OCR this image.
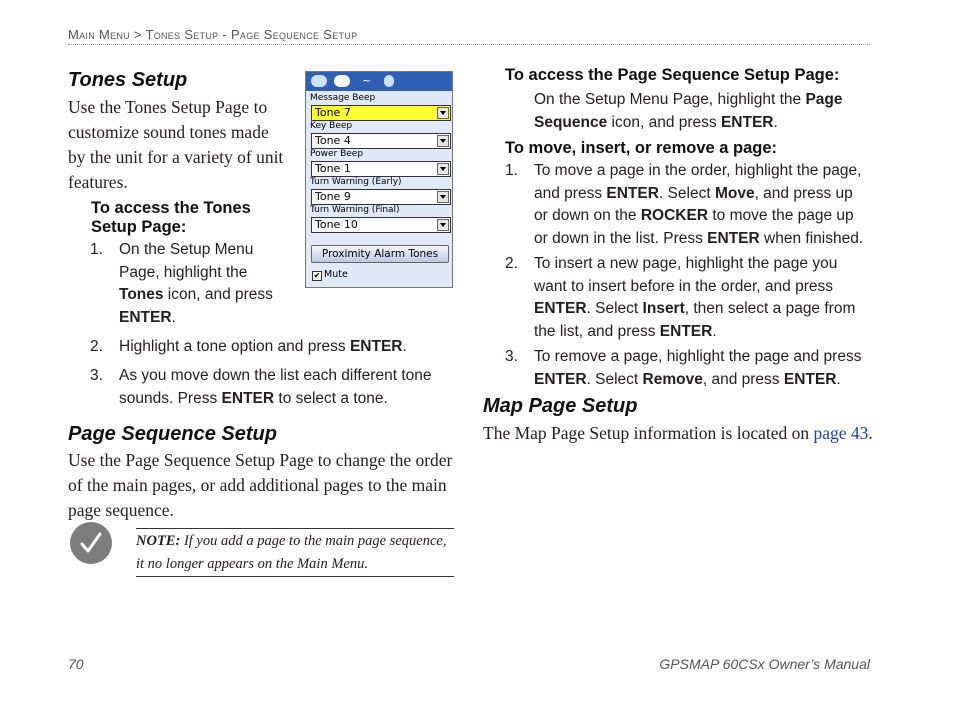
Main Menu > Tones Setup - Page Sequence Setup
Tones Setup
Use the Tones Setup Page to
customize sound tones made
by the unit for a variety of unit
features.
To access the Tones
Setup Page:
1. On the Setup Menu
Page, highlight the
Tones icon, and press
ENTER.
2. Highlight a tone option and press ENTER.
3. As you move down the list each different tone
sounds. Press ENTER to select a tone.
~
Message Beep
Tone 7
Key Beep
Tone 4
Power Beep
Tone 1
Turn Warning (Early)
Tone 9
Turn Warning (Final)
Tone 10
Proximity Alarm Tones
✔ Mute
Page Sequence Setup
Use the Page Sequence Setup Page to change the order
of the main pages, or add additional pages to the main
page sequence.
NOTE: If you add a page to the main page sequence,
it no longer appears on the Main Menu.
To access the Page Sequence Setup Page:
On the Setup Menu Page, highlight the Page
Sequence icon, and press ENTER.
To move, insert, or remove a page:
1. To move a page in the order, highlight the page,
and press ENTER. Select Move, and press up
or down on the ROCKER to move the page up
or down in the list. Press ENTER when finished.
2. To insert a new page, highlight the page you
want to insert before in the order, and press
ENTER. Select Insert, then select a page from
the list, and press ENTER.
3. To remove a page, highlight the page and press
ENTER. Select Remove, and press ENTER.
Map Page Setup
The Map Page Setup information is located on page 43.
70	GPSMAP 60CSx Owner’s Manual
